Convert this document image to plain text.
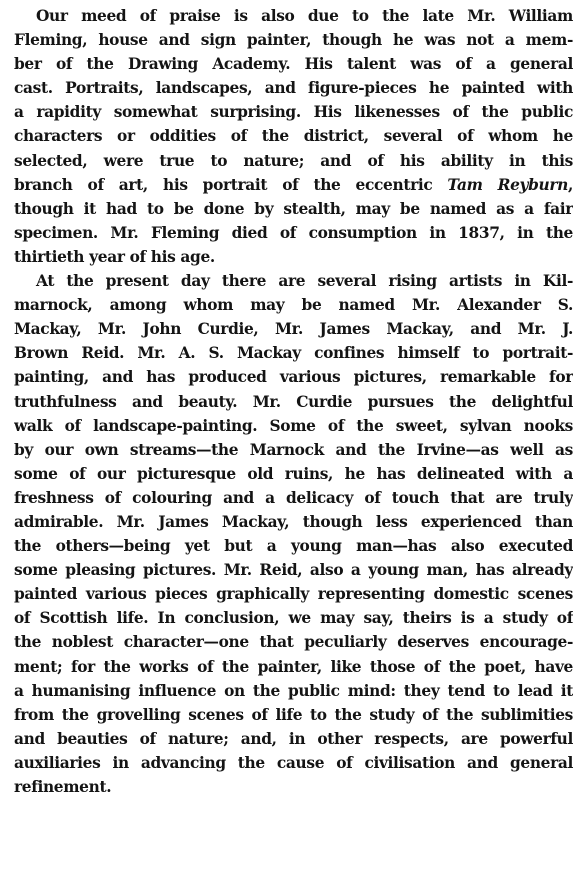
Our meed of praise is also due to the late Mr. William
Fleming, house and sign painter, though he was not a mem-
ber of the Drawing Academy. His talent was of a general
cast. Portraits, landscapes, and figure-pieces he painted with
a rapidity somewhat surprising. His likenesses of the public
characters or oddities of the district, several of whom he
selected, were true to nature; and of his ability in this
branch of art, his portrait of the eccentric Tam Reyburn,
though it had to be done by stealth, may be named as a fair
specimen. Mr. Fleming died of consumption in 1837, in the
thirtieth year of his age.
At the present day there are several rising artists in Kil-
marnock, among whom may be named Mr. Alexander S.
Mackay, Mr. John Curdie, Mr. James Mackay, and Mr. J.
Brown Reid. Mr. A. S. Mackay confines himself to portrait-
painting, and has produced various pictures, remarkable for
truthfulness and beauty. Mr. Curdie pursues the delightful
walk of landscape-painting. Some of the sweet, sylvan nooks
by our own streams—the Marnock and the Irvine—as well as
some of our picturesque old ruins, he has delineated with a
freshness of colouring and a delicacy of touch that are truly
admirable. Mr. James Mackay, though less experienced than
the others—being yet but a young man—has also executed
some pleasing pictures. Mr. Reid, also a young man, has already
painted various pieces graphically representing domestic scenes
of Scottish life. In conclusion, we may say, theirs is a study of
the noblest character—one that peculiarly deserves encourage-
ment; for the works of the painter, like those of the poet, have
a humanising influence on the public mind: they tend to lead it
from the grovelling scenes of life to the study of the sublimities
and beauties of nature; and, in other respects, are powerful
auxiliaries in advancing the cause of civilisation and general
refinement.
